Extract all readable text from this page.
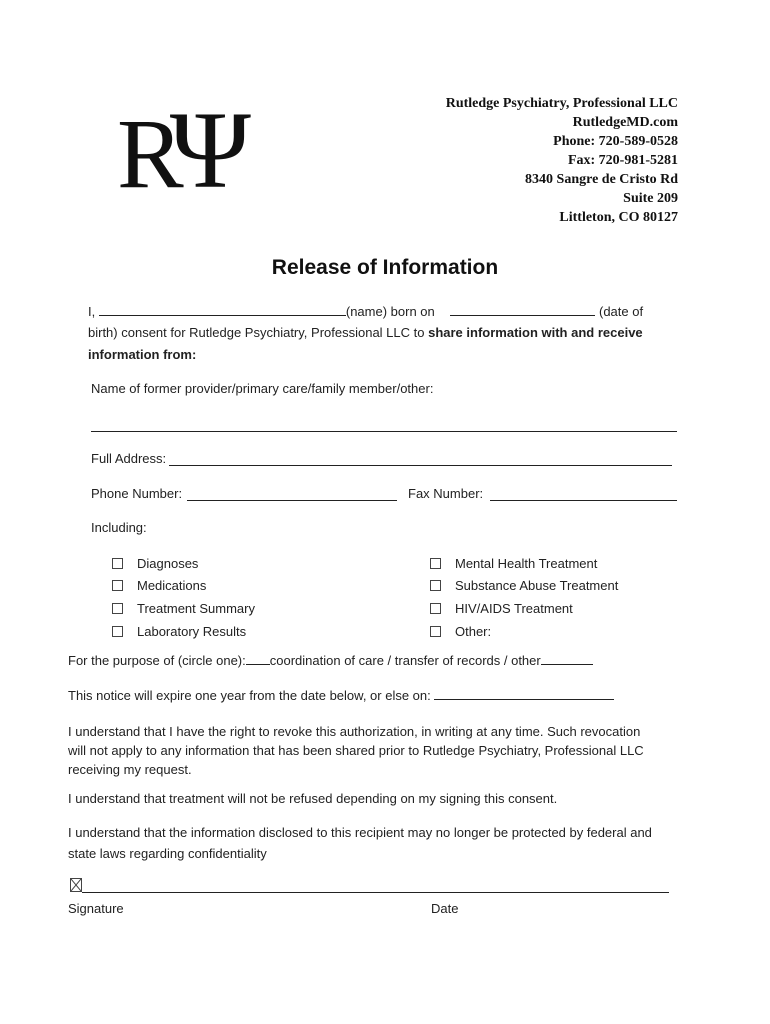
RΨ	Rutledge Psychiatry, Professional LLC
RutledgeMD.com
Phone: 720-589-0528
Fax: 720-981-5281
8340 Sangre de Cristo Rd
Suite 209
Littleton, CO 80127
Release of Information
I,	(name) born on	(date of
birth) consent for Rutledge Psychiatry, Professional LLC to share information with and receive
information from:
Name of former provider/primary care/family member/other:
Full Address:
Phone Number:	Fax Number:
Including:
Diagnoses
Medications
Treatment Summary
Laboratory Results
Mental Health Treatment
Substance Abuse Treatment
HIV/AIDS Treatment
Other:
For the purpose of (circle one): coordination of care / transfer of records / other
This notice will expire one year from the date below, or else on:
I understand that I have the right to revoke this authorization, in writing at any time. Such revocation
will not apply to any information that has been shared prior to Rutledge Psychiatry, Professional LLC
receiving my request.
I understand that treatment will not be refused depending on my signing this consent.
I understand that the information disclosed to this recipient may no longer be protected by federal and
state laws regarding confidentiality
Signature	Date
